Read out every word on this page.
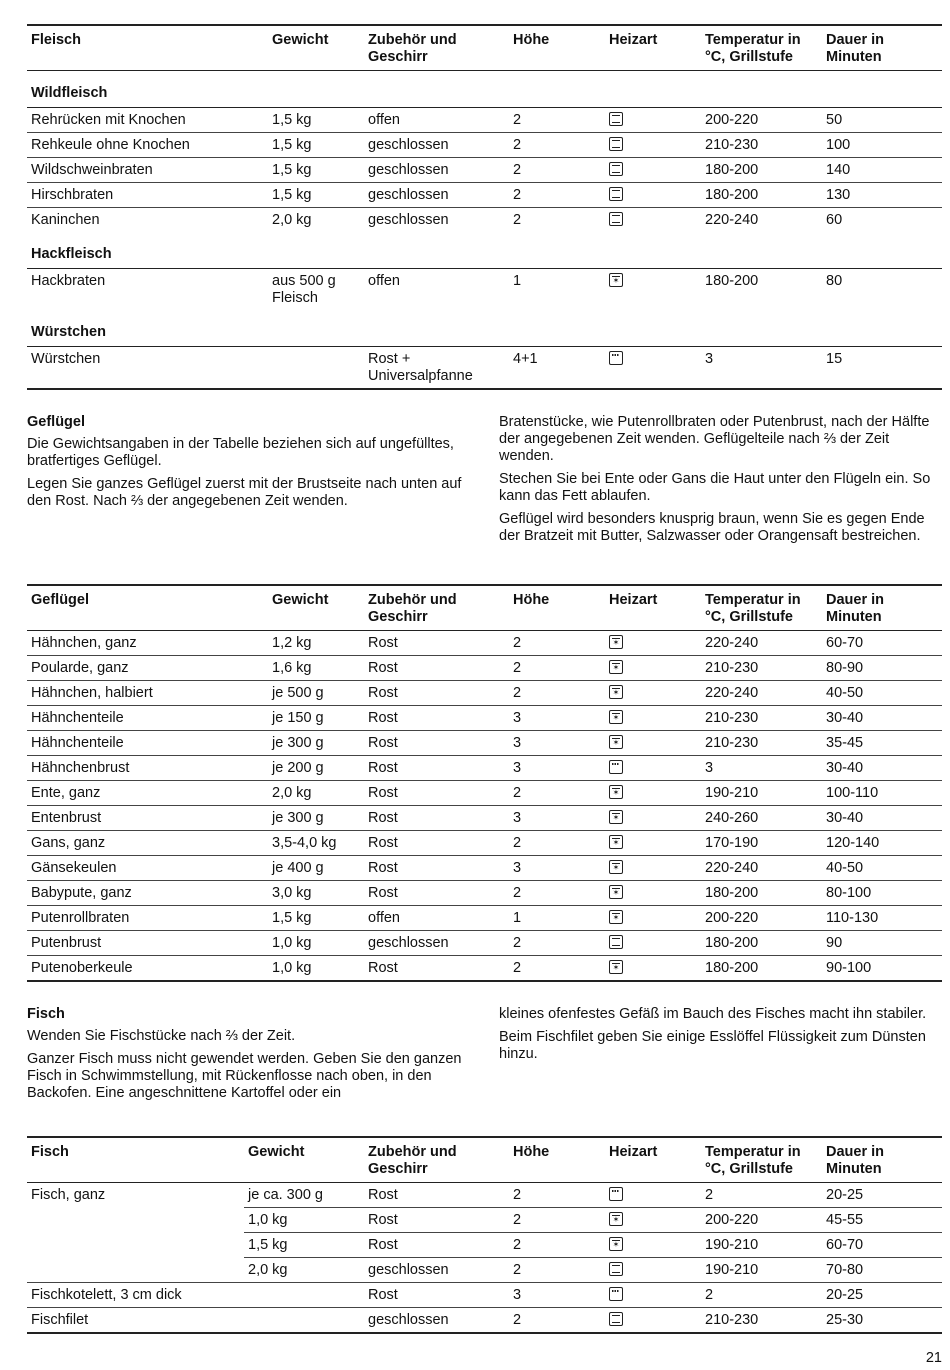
Fleisch	Gewicht	Zubehör und Geschirr	Höhe	Heizart	Temperatur in °C, Grillstufe	Dauer in Minuten
Wildfleisch						
Rehrücken mit Knochen	1,5 kg	offen	2		200-220	50
Rehkeule ohne Knochen	1,5 kg	geschlossen	2		210-230	100
Wildschweinbraten	1,5 kg	geschlossen	2		180-200	140
Hirschbraten	1,5 kg	geschlossen	2		180-200	130
Kaninchen	2,0 kg	geschlossen	2		220-240	60
Hackfleisch						
Hackbraten	aus 500 g Fleisch	offen	1	✶	180-200	80
Würstchen						
Würstchen		Rost + Universalpfanne	4+1		3	15
Geflügel

Die Gewichtsangaben in der Tabelle beziehen sich auf ungefülltes, bratfertiges Geflügel.

Legen Sie ganzes Geflügel zuerst mit der Brustseite nach unten auf den Rost. Nach ⅔ der angegebenen Zeit wenden.

Bratenstücke, wie Putenrollbraten oder Putenbrust, nach der Hälfte der angegebenen Zeit wenden. Geflügelteile nach ⅔ der Zeit wenden.

Stechen Sie bei Ente oder Gans die Haut unter den Flügeln ein. So kann das Fett ablaufen.

Geflügel wird besonders knusprig braun, wenn Sie es gegen Ende der Bratzeit mit Butter, Salzwasser oder Orangensaft bestreichen.

Geflügel	Gewicht	Zubehör und Geschirr	Höhe	Heizart	Temperatur in °C, Grillstufe	Dauer in Minuten
Hähnchen, ganz	1,2 kg	Rost	2	✶	220-240	60-70
Poularde, ganz	1,6 kg	Rost	2	✶	210-230	80-90
Hähnchen, halbiert	je 500 g	Rost	2	✶	220-240	40-50
Hähnchenteile	je 150 g	Rost	3	✶	210-230	30-40
Hähnchenteile	je 300 g	Rost	3	✶	210-230	35-45
Hähnchenbrust	je 200 g	Rost	3		3	30-40
Ente, ganz	2,0 kg	Rost	2	✶	190-210	100-110
Entenbrust	je 300 g	Rost	3	✶	240-260	30-40
Gans, ganz	3,5-4,0 kg	Rost	2	✶	170-190	120-140
Gänsekeulen	je 400 g	Rost	3	✶	220-240	40-50
Babypute, ganz	3,0 kg	Rost	2	✶	180-200	80-100
Putenrollbraten	1,5 kg	offen	1	✶	200-220	110-130
Putenbrust	1,0 kg	geschlossen	2		180-200	90
Putenoberkeule	1,0 kg	Rost	2	✶	180-200	90-100
Fisch

Wenden Sie Fischstücke nach ⅔ der Zeit.

Ganzer Fisch muss nicht gewendet werden. Geben Sie den ganzen Fisch in Schwimmstellung, mit Rückenflosse nach oben, in den Backofen. Eine angeschnittene Kartoffel oder ein

kleines ofenfestes Gefäß im Bauch des Fisches macht ihn stabiler.

Beim Fischfilet geben Sie einige Esslöffel Flüssigkeit zum Dünsten hinzu.

Fisch	Gewicht	Zubehör und Geschirr	Höhe	Heizart	Temperatur in °C, Grillstufe	Dauer in Minuten
Fisch, ganz	je ca. 300 g	Rost	2		2	20-25
	1,0 kg	Rost	2	✶	200-220	45-55
	1,5 kg	Rost	2	✶	190-210	60-70
	2,0 kg	geschlossen	2		190-210	70-80
Fischkotelett, 3 cm dick		Rost	3		2	20-25
Fischfilet		geschlossen	2		210-230	25-30
21
